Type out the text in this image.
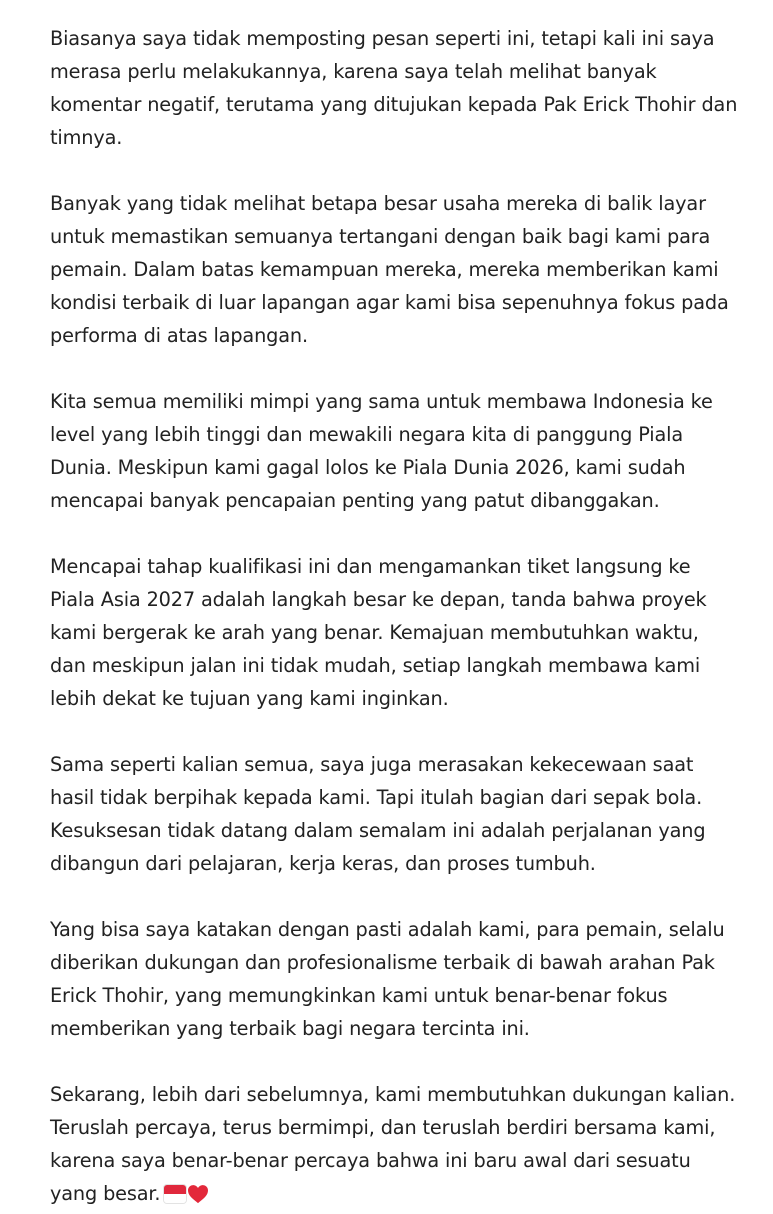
Biasanya saya tidak memposting pesan seperti ini, tetapi kali ini saya merasa perlu melakukannya, karena saya telah melihat banyak komentar negatif, terutama yang ditujukan kepada Pak Erick Thohir dan timnya.

Banyak yang tidak melihat betapa besar usaha mereka di balik layar untuk memastikan semuanya tertangani dengan baik bagi kami para pemain. Dalam batas kemampuan mereka, mereka memberikan kami kondisi terbaik di luar lapangan agar kami bisa sepenuhnya fokus pada performa di atas lapangan.

Kita semua memiliki mimpi yang sama untuk membawa Indonesia ke level yang lebih tinggi dan mewakili negara kita di panggung Piala Dunia. Meskipun kami gagal lolos ke Piala Dunia 2026, kami sudah mencapai banyak pencapaian penting yang patut dibanggakan.

Mencapai tahap kualifikasi ini dan mengamankan tiket langsung ke Piala Asia 2027 adalah langkah besar ke depan, tanda bahwa proyek kami bergerak ke arah yang benar. Kemajuan membutuhkan waktu, dan meskipun jalan ini tidak mudah, setiap langkah membawa kami lebih dekat ke tujuan yang kami inginkan.

Sama seperti kalian semua, saya juga merasakan kekecewaan saat hasil tidak berpihak kepada kami. Tapi itulah bagian dari sepak bola. Kesuksesan tidak datang dalam semalam ini adalah perjalanan yang dibangun dari pelajaran, kerja keras, dan proses tumbuh.

Yang bisa saya katakan dengan pasti adalah kami, para pemain, selalu diberikan dukungan dan profesionalisme terbaik di bawah arahan Pak Erick Thohir, yang memungkinkan kami untuk benar-benar fokus memberikan yang terbaik bagi negara tercinta ini.

Sekarang, lebih dari sebelumnya, kami membutuhkan dukungan kalian. Teruslah percaya, terus bermimpi, dan teruslah berdiri bersama kami, karena saya benar-benar percaya bahwa ini baru awal dari sesuatu yang besar.
